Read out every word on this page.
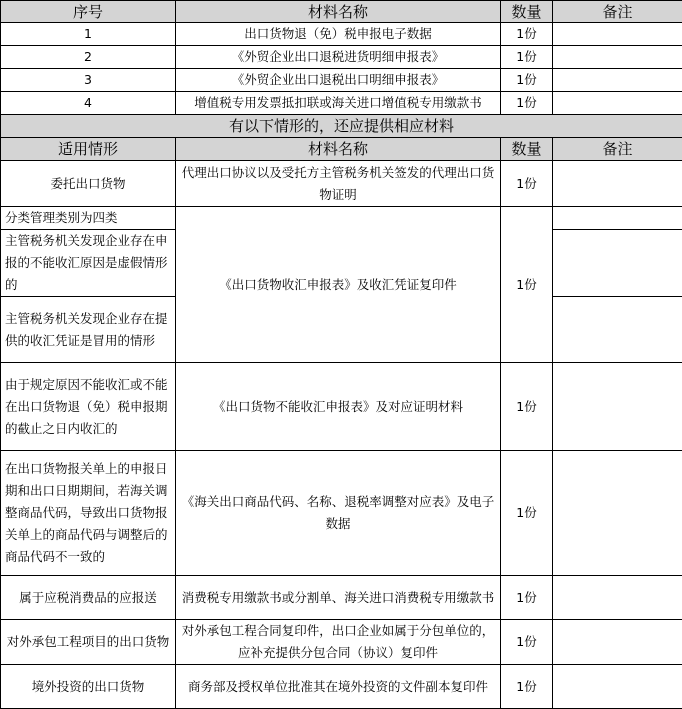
序号	材料名称	数量	备注
1	出口货物退（免）税申报电子数据	1份	
2	《外贸企业出口退税进货明细申报表》	1份	
3	《外贸企业出口退税出口明细申报表》	1份	
4	增值税专用发票抵扣联或海关进口增值税专用缴款书	1份	
有以下情形的，还应提供相应材料			
适用情形	材料名称	数量	备注
委托出口货物	代理出口协议以及受托方主管税务机关签发的代理出口货物证明	1份	
分类管理类别为四类	《出口货物收汇申报表》及收汇凭证复印件	1份	
主管税务机关发现企业存在申报的不能收汇原因是虚假情形的			
主管税务机关发现企业存在提供的收汇凭证是冒用的情形			
由于规定原因不能收汇或不能在出口货物退（免）税申报期的截止之日内收汇的	《出口货物不能收汇申报表》及对应证明材料	1份	
在出口货物报关单上的申报日期和出口日期期间，若海关调整商品代码，导致出口货物报关单上的商品代码与调整后的商品代码不一致的	《海关出口商品代码、名称、退税率调整对应表》及电子数据	1份	
属于应税消费品的应报送	消费税专用缴款书或分割单、海关进口消费税专用缴款书	1份	
对外承包工程项目的出口货物	对外承包工程合同复印件，出口企业如属于分包单位的，应补充提供分包合同（协议）复印件	1份	
境外投资的出口货物	商务部及授权单位批准其在境外投资的文件副本复印件	1份	
